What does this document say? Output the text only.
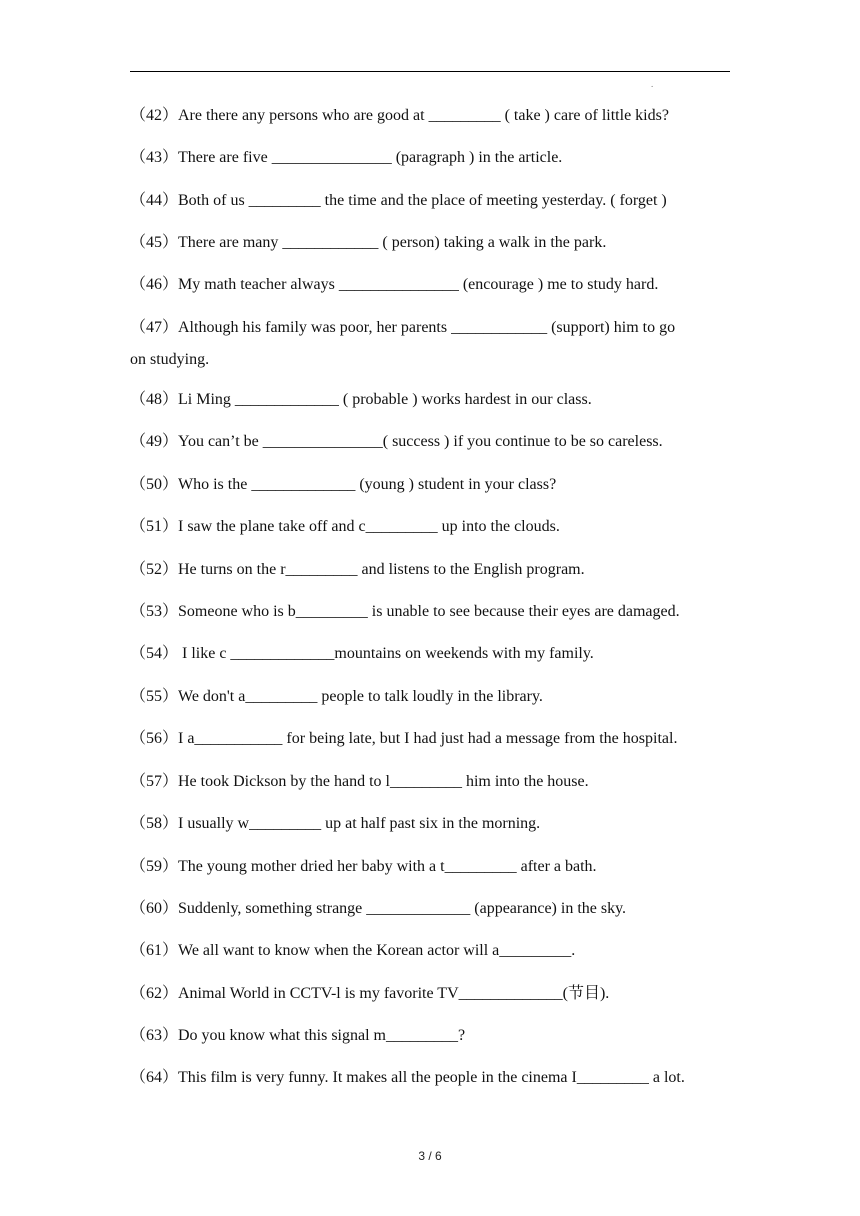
.
（42）Are there any persons who are good at _________ ( take ) care of little kids?
（43）There are five _______________ (paragraph ) in the article.
（44）Both of us _________ the time and the place of meeting yesterday. ( forget )
（45）There are many ____________ ( person) taking a walk in the park.
（46）My math teacher always _______________ (encourage ) me to study hard.
（47）Although his family was poor, her parents ____________ (support) him to go
on studying.
（48）Li Ming _____________ ( probable ) works hardest in our class.
（49）You can’t be _______________( success ) if you continue to be so careless.
（50）Who is the _____________ (young ) student in your class?
（51）I saw the plane take off and c_________ up into the clouds.
（52）He turns on the r_________ and listens to the English program.
（53）Someone who is b_________ is unable to see because their eyes are damaged.
（54） I like c _____________mountains on weekends with my family.
（55）We don't a_________ people to talk loudly in the library.
（56）I a___________ for being late, but I had just had a message from the hospital.
（57）He took Dickson by the hand to l_________ him into the house.
（58）I usually w_________ up at half past six in the morning.
（59）The young mother dried her baby with a t_________ after a bath.
（60）Suddenly, something strange _____________ (appearance) in the sky.
（61）We all want to know when the Korean actor will a_________.
（62）Animal World in CCTV-l is my favorite TV_____________(节目).
（63）Do you know what this signal m_________?
（64）This film is very funny. It makes all the people in the cinema I_________ a lot.
3 / 6
